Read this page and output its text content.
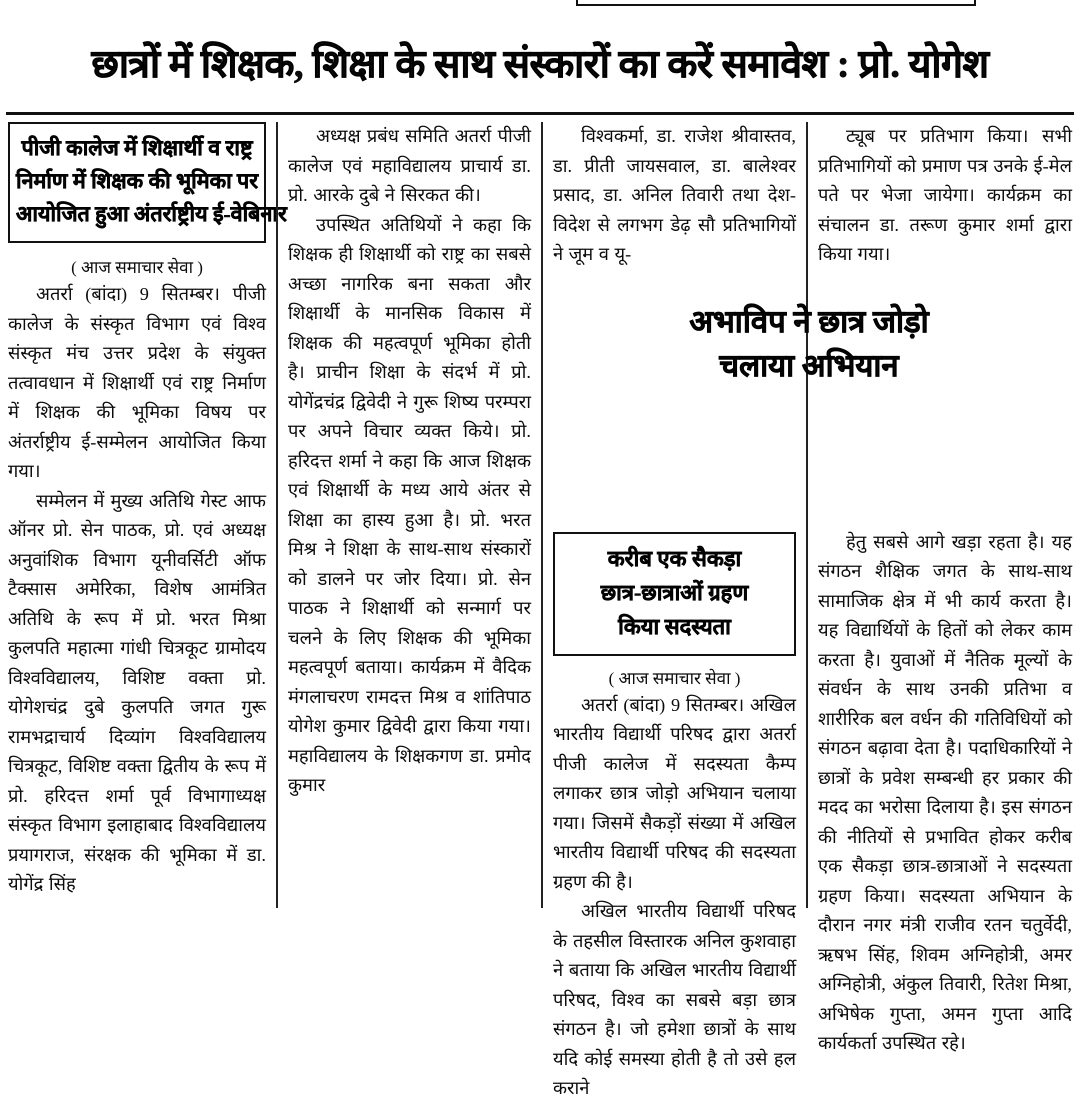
छात्रों में शिक्षक, शिक्षा के साथ संस्कारों का करें समावेश : प्रो. योगेश
पीजी कालेज में शिक्षार्थी व राष्ट्र
निर्माण में शिक्षक की भूमिका पर
आयोजित हुआ अंतर्राष्ट्रीय ई-वेबिनार
( आज समाचार सेवा )

अतर्रा (बांदा) 9 सितम्बर। पीजी कालेज के संस्कृत विभाग एवं विश्व संस्कृत मंच उत्तर प्रदेश के संयुक्त तत्वावधान में शिक्षार्थी एवं राष्ट्र निर्माण में शिक्षक की भूमिका विषय पर अंतर्राष्ट्रीय ई-सम्मेलन आयोजित किया गया।

सम्मेलन में मुख्य अतिथि गेस्ट आफ ऑनर प्रो. सेन पाठक, प्रो. एवं अध्यक्ष अनुवांशिक विभाग यूनीवर्सिटी ऑफ टैक्सास अमेरिका, विशेष आमंत्रित अतिथि के रूप में प्रो. भरत मिश्रा कुलपति महात्मा गांधी चित्रकूट ग्रामोदय विश्वविद्यालय, विशिष्ट वक्ता प्रो. योगेशचंद्र दुबे कुलपति जगत गुरू रामभद्राचार्य दिव्यांग विश्वविद्यालय चित्रकूट, विशिष्ट वक्ता द्वितीय के रूप में प्रो. हरिदत्त शर्मा पूर्व विभागाध्यक्ष संस्कृत विभाग इलाहाबाद विश्वविद्यालय प्रयागराज, संरक्षक की भूमिका में डा. योगेंद्र सिंह

अध्यक्ष प्रबंध समिति अतर्रा पीजी कालेज एवं महाविद्यालय प्राचार्य डा. प्रो. आरके दुबे ने सिरकत की।

उपस्थित अतिथियों ने कहा कि शिक्षक ही शिक्षार्थी को राष्ट्र का सबसे अच्छा नागरिक बना सकता और शिक्षार्थी के मानसिक विकास में शिक्षक की महत्वपूर्ण भूमिका होती है। प्राचीन शिक्षा के संदर्भ में प्रो. योगेंद्रचंद्र द्विवेदी ने गुरू शिष्य परम्परा पर अपने विचार व्यक्त किये। प्रो. हरिदत्त शर्मा ने कहा कि आज शिक्षक एवं शिक्षार्थी के मध्य आये अंतर से शिक्षा का हास्य हुआ है। प्रो. भरत मिश्र ने शिक्षा के साथ-साथ संस्कारों को डालने पर जोर दिया। प्रो. सेन पाठक ने शिक्षार्थी को सन्मार्ग पर चलने के लिए शिक्षक की भूमिका महत्वपूर्ण बताया। कार्यक्रम में वैदिक मंगलाचरण रामदत्त मिश्र व शांतिपाठ योगेश कुमार द्विवेदी द्वारा किया गया। महाविद्यालय के शिक्षकगण डा. प्रमोद कुमार

विश्वकर्मा, डा. राजेश श्रीवास्तव, डा. प्रीती जायसवाल, डा. बालेश्वर प्रसाद, डा. अनिल तिवारी तथा देश-विदेश से लगभग डेढ़ सौ प्रतिभागियों ने जूम व यू-

करीब एक सैकड़ा
छात्र-छात्राओं ग्रहण
किया सदस्यता
( आज समाचार सेवा )

अतर्रा (बांदा) 9 सितम्बर। अखिल भारतीय विद्यार्थी परिषद द्वारा अतर्रा पीजी कालेज में सदस्यता कैम्प लगाकर छात्र जोड़ो अभियान चलाया गया। जिसमें सैकड़ों संख्या में अखिल भारतीय विद्यार्थी परिषद की सदस्यता ग्रहण की है।

अखिल भारतीय विद्यार्थी परिषद के तहसील विस्तारक अनिल कुशवाहा ने बताया कि अखिल भारतीय विद्यार्थी परिषद, विश्व का सबसे बड़ा छात्र संगठन है। जो हमेशा छात्रों के साथ यदि कोई समस्या होती है तो उसे हल कराने

ट्यूब पर प्रतिभाग किया। सभी प्रतिभागियों को प्रमाण पत्र उनके ई-मेल पते पर भेजा जायेगा। कार्यक्रम का संचालन डा. तरूण कुमार शर्मा द्वारा किया गया।

हेतु सबसे आगे खड़ा रहता है। यह संगठन शैक्षिक जगत के साथ-साथ सामाजिक क्षेत्र में भी कार्य करता है। यह विद्यार्थियों के हितों को लेकर काम करता है। युवाओं में नैतिक मूल्यों के संवर्धन के साथ उनकी प्रतिभा व शारीरिक बल वर्धन की गतिविधियों को संगठन बढ़ावा देता है। पदाधिकारियों ने छात्रों के प्रवेश सम्बन्धी हर प्रकार की मदद का भरोसा दिलाया है। इस संगठन की नीतियों से प्रभावित होकर करीब एक सैकड़ा छात्र-छात्राओं ने सदस्यता ग्रहण किया। सदस्यता अभियान के दौरान नगर मंत्री राजीव रतन चतुर्वेदी, ऋषभ सिंह, शिवम अग्निहोत्री, अमर अग्निहोत्री, अंकुल तिवारी, रितेश मिश्रा, अभिषेक गुप्ता, अमन गुप्ता आदि कार्यकर्ता उपस्थित रहे।

अभाविप ने छात्र जोड़ो
चलाया अभियान
